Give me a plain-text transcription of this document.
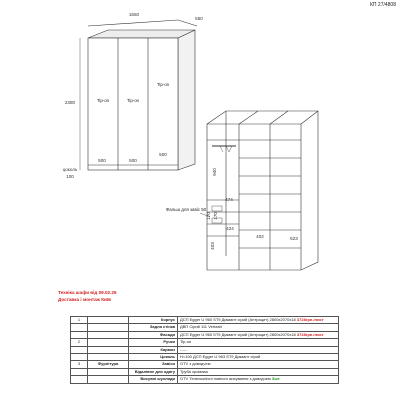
КП 27/4808
1550
550
2380
цоколь
100
500	500
500
Tip-on	Tip-on
Tip-on
940
474
170 170
424
403
402	523
Фальш для завіс 50
Техніка шафи від 09.02.25
Доставка і монтаж Київ
1		Корпус	ДСП Egger U 960 ST9 Діамант сірий (Антрацит) 2800х2070х18 3728грн./лист
		Задня стінка	ДВП Сірий 111 Vertzatt
		Фасади	ДСП Egger U 960 ST9 Діамант сірий (Антрацит) 2800х2070х18 3728грн./лист
2		Ручки	Tip-on
		Кармиз	-----
		Цоколь	H=100 ДСП Egger U 963 ST9 Діамант сірий
3	Фурнітура	Завіси	GTV з доводчем
		Відалівне для одягу	Труба хромова
		Висувні шухляди	GTV Телескопічні повного висування з доводчем Зшт.
